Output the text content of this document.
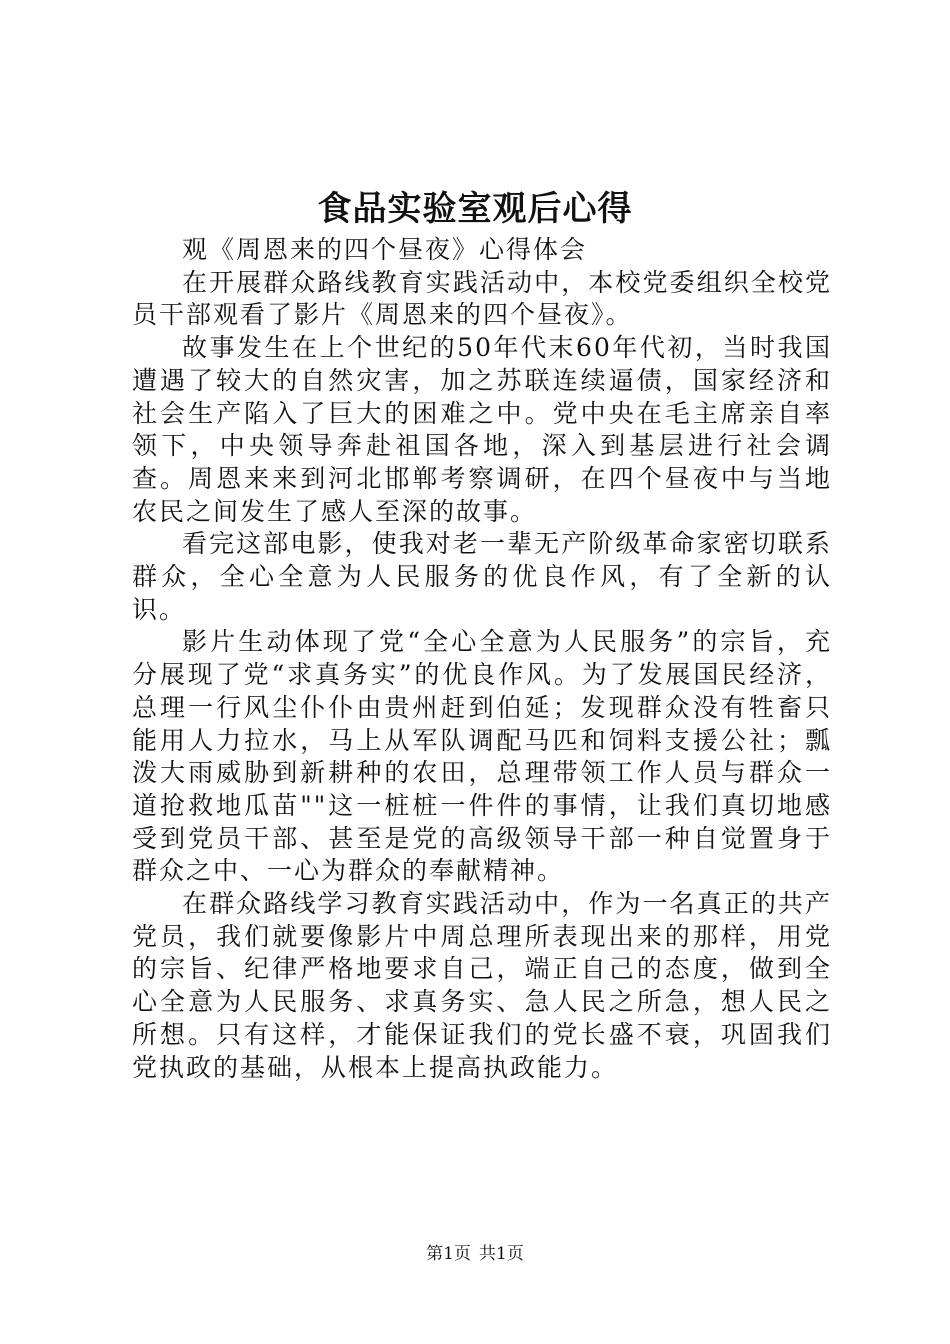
食品实验室观后心得

观《周恩来的四个昼夜》心得体会

在开展群众路线教育实践活动中，本校党委组织全校党员干部观看了影片《周恩来的四个昼夜》。

故事发生在上个世纪的50年代末60年代初，当时我国遭遇了较大的自然灾害，加之苏联连续逼债，国家经济和社会生产陷入了巨大的困难之中。党中央在毛主席亲自率领下，中央领导奔赴祖国各地，深入到基层进行社会调查。周恩来来到河北邯郸考察调研，在四个昼夜中与当地农民之间发生了感人至深的故事。

看完这部电影，使我对老一辈无产阶级革命家密切联系群众，全心全意为人民服务的优良作风，有了全新的认识。

影片生动体现了党“全心全意为人民服务”的宗旨，充分展现了党“求真务实”的优良作风。为了发展国民经济，总理一行风尘仆仆由贵州赶到伯延；发现群众没有牲畜只能用人力拉水，马上从军队调配马匹和饲料支援公社；瓢泼大雨威胁到新耕种的农田，总理带领工作人员与群众一道抢救地瓜苗""这一桩桩一件件的事情，让我们真切地感受到党员干部、甚至是党的高级领导干部一种自觉置身于群众之中、一心为群众的奉献精神。

在群众路线学习教育实践活动中，作为一名真正的共产党员，我们就要像影片中周总理所表现出来的那样，用党的宗旨、纪律严格地要求自己，端正自己的态度，做到全心全意为人民服务、求真务实、急人民之所急，想人民之所想。只有这样，才能保证我们的党长盛不衰，巩固我们党执政的基础，从根本上提高执政能力。

第1页 共1页
